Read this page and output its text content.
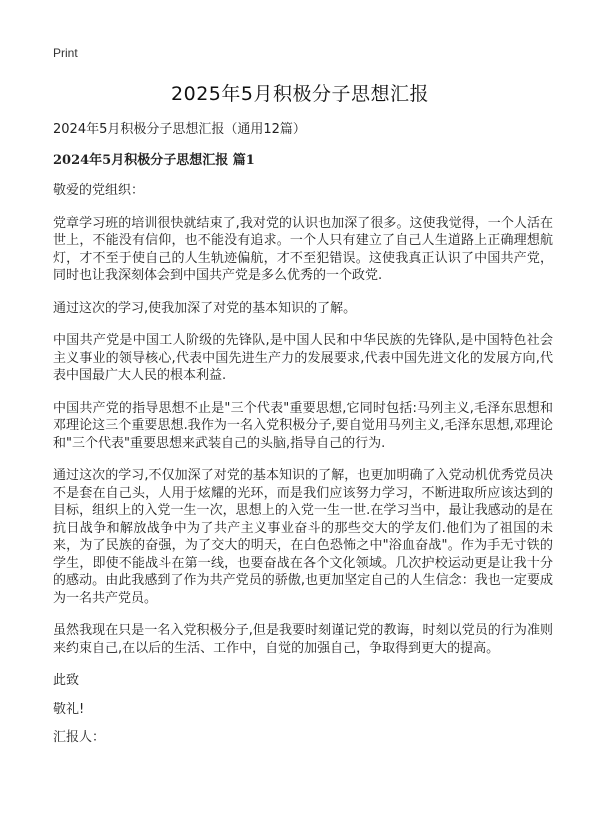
Print
2025年5月积极分子思想汇报

2024年5月积极分子思想汇报（通用12篇）

2024年5月积极分子思想汇报 篇1

敬爱的党组织：

党章学习班的培训很快就结束了,我对党的认识也加深了很多。这使我觉得，一个人活在世上，不能没有信仰，也不能没有追求。一个人只有建立了自己人生道路上正确理想航灯，才不至于使自己的人生轨迹偏航，才不至犯错误。这使我真正认识了中国共产党，同时也让我深刻体会到中国共产党是多么优秀的一个政党.

通过这次的学习,使我加深了对党的基本知识的了解。

中国共产党是中国工人阶级的先锋队,是中国人民和中华民族的先锋队,是中国特色社会主义事业的领导核心,代表中国先进生产力的发展要求,代表中国先进文化的发展方向,代表中国最广大人民的根本利益.

中国共产党的指导思想不止是"三个代表"重要思想,它同时包括:马列主义,毛泽东思想和邓理论这三个重要思想.我作为一名入党积极分子,要自觉用马列主义,毛泽东思想,邓理论和"三个代表"重要思想来武装自己的头脑,指导自己的行为.

通过这次的学习,不仅加深了对党的基本知识的了解，也更加明确了入党动机优秀党员决不是套在自己头，人用于炫耀的光环，而是我们应该努力学习，不断进取所应该达到的目标，组织上的入党一生一次，思想上的入党一生一世.在学习当中，最让我感动的是在抗日战争和解放战争中为了共产主义事业奋斗的那些交大的学友们.他们为了祖国的未来，为了民族的奋强，为了交大的明天，在白色恐怖之中"浴血奋战"。作为手无寸铁的学生，即使不能战斗在第一线，也要奋战在各个文化领域。几次护校运动更是让我十分的感动。由此我感到了作为共产党员的骄傲,也更加坚定自己的人生信念：我也一定要成为一名共产党员。

虽然我现在只是一名入党积极分子,但是我要时刻谨记党的教诲，时刻以党员的行为准则来约束自己,在以后的生活、工作中，自觉的加强自己，争取得到更大的提高。

此致

敬礼!

汇报人：
